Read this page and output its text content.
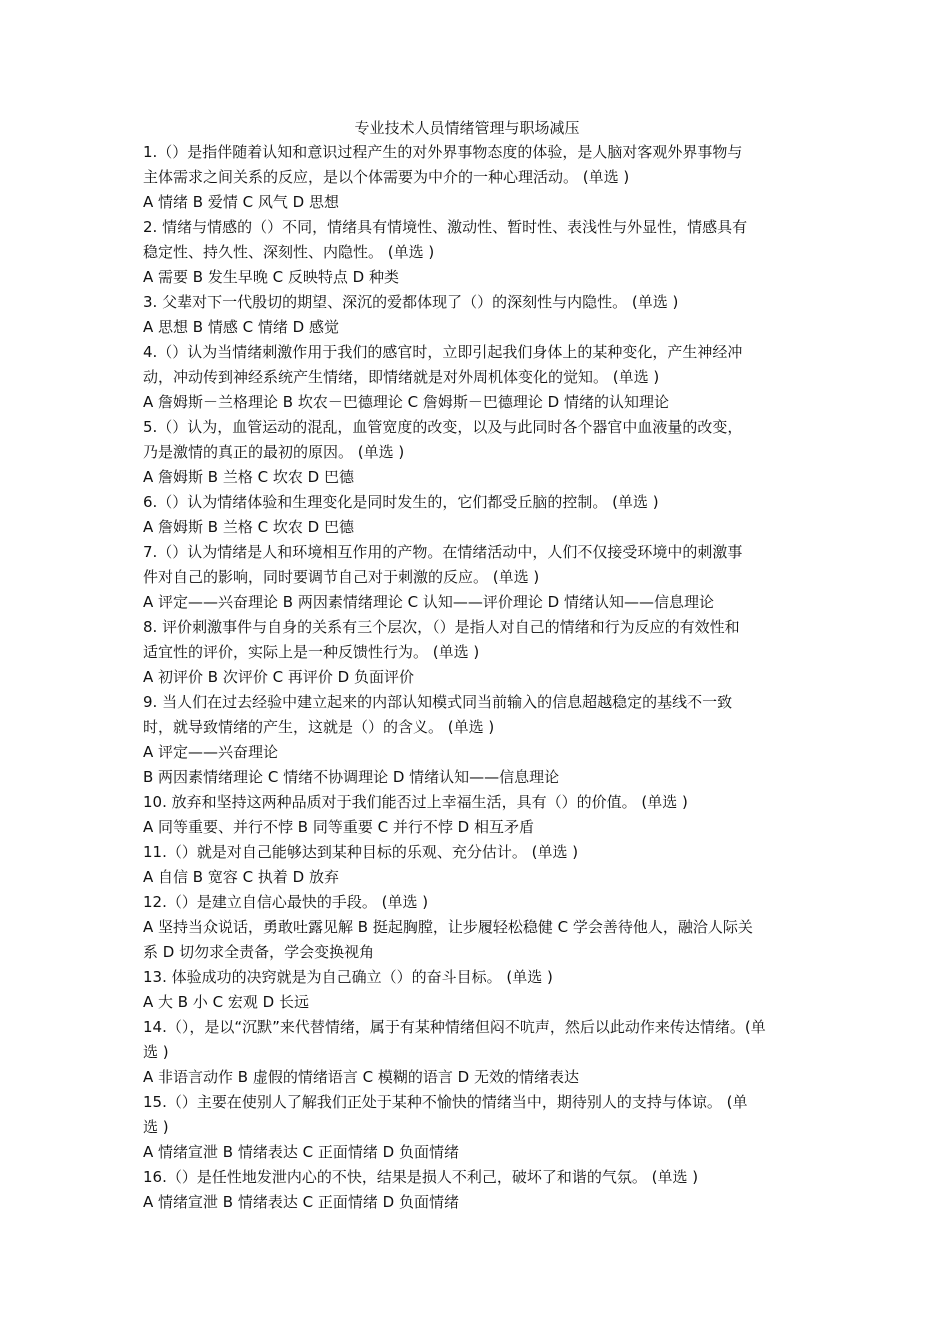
专业技术人员情绪管理与职场减压
1.（）是指伴随着认知和意识过程产生的对外界事物态度的体验，是人脑对客观外界事物与
主体需求之间关系的反应，是以个体需要为中介的一种心理活动。 (单选 )
A 情绪 B 爱情 C 风气 D 思想
2. 情绪与情感的（）不同，情绪具有情境性、激动性、暂时性、表浅性与外显性，情感具有
稳定性、持久性、深刻性、内隐性。 (单选 )
A 需要 B 发生早晚 C 反映特点 D 种类
3. 父辈对下一代殷切的期望、深沉的爱都体现了（）的深刻性与内隐性。 (单选 )
A 思想 B 情感 C 情绪 D 感觉
4.（）认为当情绪刺激作用于我们的感官时，立即引起我们身体上的某种变化，产生神经冲
动，冲动传到神经系统产生情绪，即情绪就是对外周机体变化的觉知。 (单选 )
A 詹姆斯－兰格理论 B 坎农－巴德理论 C 詹姆斯－巴德理论 D 情绪的认知理论
5.（）认为，血管运动的混乱，血管宽度的改变，以及与此同时各个器官中血液量的改变，
乃是激情的真正的最初的原因。 (单选 )
A 詹姆斯 B 兰格 C 坎农 D 巴德
6.（）认为情绪体验和生理变化是同时发生的，它们都受丘脑的控制。 (单选 )
A 詹姆斯 B 兰格 C 坎农 D 巴德
7.（）认为情绪是人和环境相互作用的产物。在情绪活动中，人们不仅接受环境中的刺激事
件对自己的影响，同时要调节自己对于刺激的反应。 (单选 )
A 评定——兴奋理论 B 两因素情绪理论 C 认知——评价理论 D 情绪认知——信息理论
8. 评价刺激事件与自身的关系有三个层次，（）是指人对自己的情绪和行为反应的有效性和
适宜性的评价，实际上是一种反馈性行为。 (单选 )
A 初评价 B 次评价 C 再评价 D 负面评价
9. 当人们在过去经验中建立起来的内部认知模式同当前输入的信息超越稳定的基线不一致
时，就导致情绪的产生，这就是（）的含义。 (单选 )
A 评定——兴奋理论
B 两因素情绪理论 C 情绪不协调理论 D 情绪认知——信息理论
10. 放弃和坚持这两种品质对于我们能否过上幸福生活，具有（）的价值。 (单选 )
A 同等重要、并行不悖 B 同等重要 C 并行不悖 D 相互矛盾
11.（）就是对自己能够达到某种目标的乐观、充分估计。 (单选 )
A 自信 B 宽容 C 执着 D 放弃
12.（）是建立自信心最快的手段。 (单选 )
A 坚持当众说话，勇敢吐露见解 B 挺起胸膛，让步履轻松稳健 C 学会善待他人，融洽人际关
系 D 切勿求全责备，学会变换视角
13. 体验成功的决窍就是为自己确立（）的奋斗目标。 (单选 )
A 大 B 小 C 宏观 D 长远
14.（），是以“沉默”来代替情绪，属于有某种情绪但闷不吭声，然后以此动作来传达情绪。(单
选 )
A 非语言动作 B 虚假的情绪语言 C 模糊的语言 D 无效的情绪表达
15.（）主要在使别人了解我们正处于某种不愉快的情绪当中，期待别人的支持与体谅。 (单
选 )
A 情绪宣泄 B 情绪表达 C 正面情绪 D 负面情绪
16.（）是任性地发泄内心的不快，结果是损人不利己，破坏了和谐的气氛。 (单选 )
A 情绪宣泄 B 情绪表达 C 正面情绪 D 负面情绪
